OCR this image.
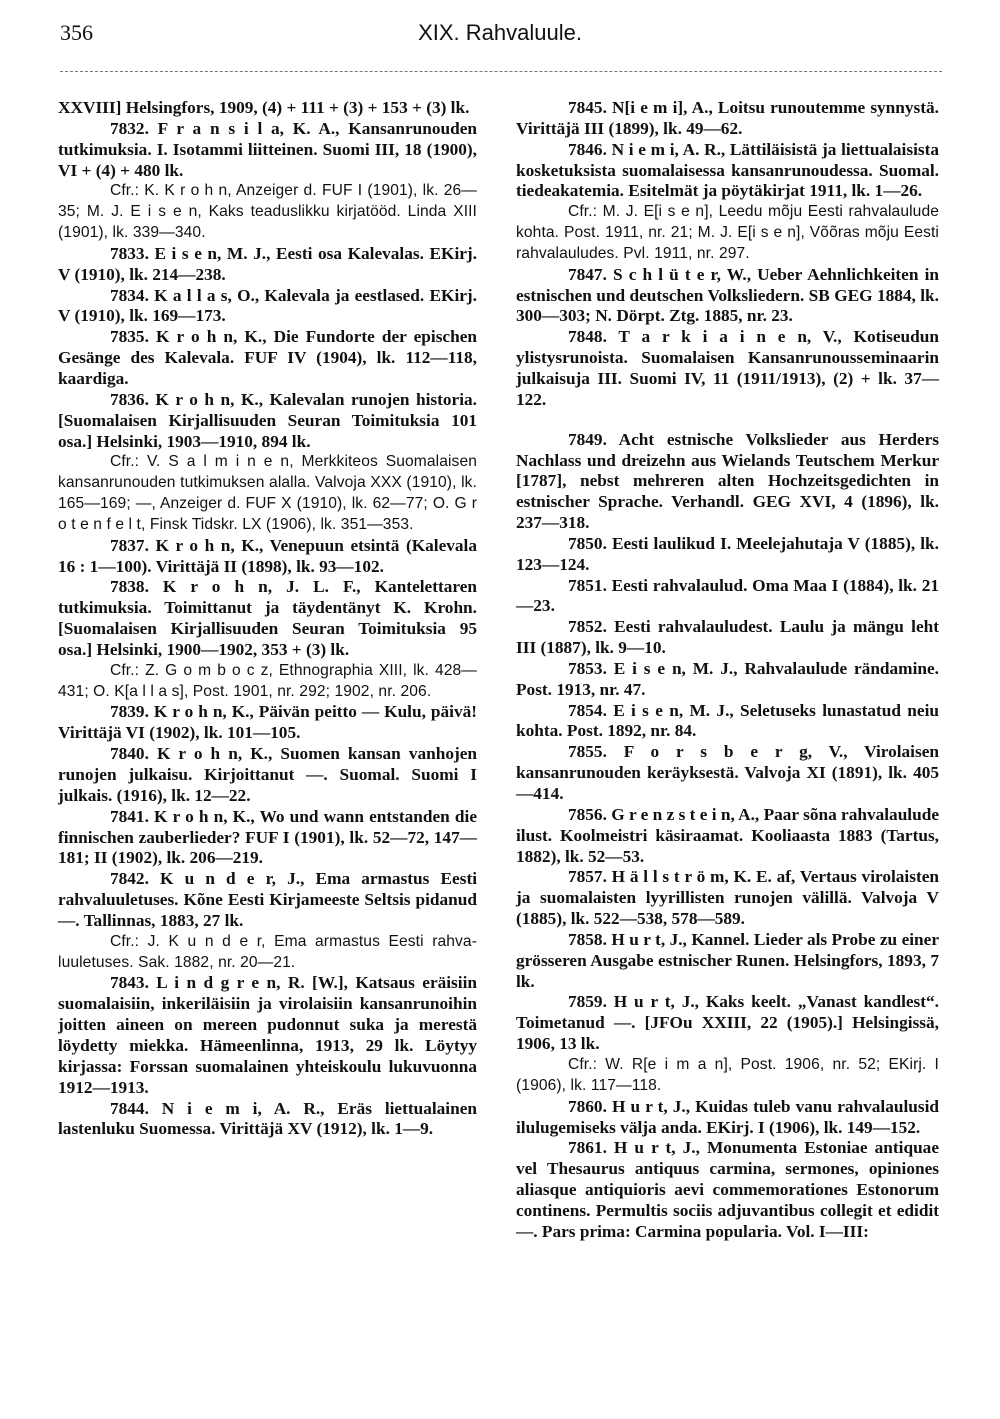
356	XIX. Rahvaluule.

XXVIII] Helsingfors, 1909, (4) + 111 + (3) + 153 + (3) lk.

7832. F r a n s i l a, K. A., Kansanrunouden tutkimuksia. I. Isotammi liitteinen. Suomi III, 18 (1900), VI + (4) + 480 lk.

Cfr.: K. K r o h n, Anzeiger d. FUF I (1901), lk. 26—35; M. J. E i s e n, Kaks teaduslikku kirjatööd. Linda XIII (1901), lk. 339—340.

7833. E i s e n, M. J., Eesti osa Kalevalas. EKirj. V (1910), lk. 214—238.

7834. K a l l a s, O., Kalevala ja eestlased. EKirj. V (1910), lk. 169—173.

7835. K r o h n, K., Die Fundorte der epischen Gesänge des Kalevala. FUF IV (1904), lk. 112—118, kaardiga.

7836. K r o h n, K., Kalevalan runojen historia. [Suomalaisen Kirjallisuuden Seuran Toimituksia 101 osa.] Helsinki, 1903—1910, 894 lk.

Cfr.: V. S a l m i n e n, Merkkiteos Suomalaisen kansanrunouden tutkimuksen alalla. Valvoja XXX (1910), lk. 165—169; —, Anzeiger d. FUF X (1910), lk. 62—77; O. G r o t e n f e l t, Finsk Tidskr. LX (1906), lk. 351—353.

7837. K r o h n, K., Venepuun etsintä (Kalevala 16 : 1—100). Virittäjä II (1898), lk. 93—102.

7838. K r o h n, J. L. F., Kantelettaren tutkimuksia. Toimittanut ja täydentänyt K. Krohn. [Suomalaisen Kirjallisuuden Seuran Toimituksia 95 osa.] Helsinki, 1900—1902, 353 + (3) lk.

Cfr.: Z. G o m b o c z, Ethnographia XIII, lk. 428—431; O. K[a l l a s], Post. 1901, nr. 292; 1902, nr. 206.

7839. K r o h n, K., Päivän peitto — Kulu, päivä! Virittäjä VI (1902), lk. 101—105.

7840. K r o h n, K., Suomen kansan vanhojen runojen julkaisu. Kirjoittanut —. Suomal. Suomi I julkais. (1916), lk. 12—22.

7841. K r o h n, K., Wo und wann entstanden die finnischen zauberlieder? FUF I (1901), lk. 52—72, 147—181; II (1902), lk. 206—219.

7842. K u n d e r, J., Ema armastus Eesti rahvaluuletuses. Kõne Eesti Kirjameeste Seltsis pidanud —. Tallinnas, 1883, 27 lk.

Cfr.: J. K u n d e r, Ema armastus Eesti rahva-luuletuses. Sak. 1882, nr. 20—21.

7843. L i n d g r e n, R. [W.], Katsaus eräisiin suomalaisiin, inkeriläisiin ja virolaisiin kansanrunoihin joitten aineen on mereen pudonnut suka ja merestä löydetty miekka. Hämeenlinna, 1913, 29 lk. Löytyy kirjassa: Forssan suomalainen yhteiskoulu lukuvuonna 1912—1913.

7844. N i e m i, A. R., Eräs liettualainen lastenluku Suomessa. Virittäjä XV (1912), lk. 1—9.

7845. N[i e m i], A., Loitsu runoutemme synnystä. Virittäjä III (1899), lk. 49—62.

7846. N i e m i, A. R., Lättiläisistä ja liettualaisista kosketuksista suomalaisessa kansanrunoudessa. Suomal. tiedeakatemia. Esitelmät ja pöytäkirjat 1911, lk. 1—26.

Cfr.: M. J. E[i s e n], Leedu mõju Eesti rahvalaulude kohta. Post. 1911, nr. 21; M. J. E[i s e n], Võõras mõju Eesti rahvalauludes. Pvl. 1911, nr. 297.

7847. S c h l ü t e r, W., Ueber Aehnlichkeiten in estnischen und deutschen Volksliedern. SB GEG 1884, lk. 300—303; N. Dörpt. Ztg. 1885, nr. 23.

7848. T a r k i a i n e n, V., Kotiseudun ylistysrunoista. Suomalaisen Kansanrunousseminaarin julkaisuja III. Suomi IV, 11 (1911/1913), (2) + lk. 37—122.

7849. Acht estnische Volkslieder aus Herders Nachlass und dreizehn aus Wielands Teutschem Merkur [1787], nebst mehreren alten Hochzeitsgedichten in estnischer Sprache. Verhandl. GEG XVI, 4 (1896), lk. 237—318.

7850. Eesti laulikud I. Meelejahutaja V (1885), lk. 123—124.

7851. Eesti rahvalaulud. Oma Maa I (1884), lk. 21—23.

7852. Eesti rahvalauludest. Laulu ja mängu leht III (1887), lk. 9—10.

7853. E i s e n, M. J., Rahvalaulude rändamine. Post. 1913, nr. 47.

7854. E i s e n, M. J., Seletuseks lunastatud neiu kohta. Post. 1892, nr. 84.

7855. F o r s b e r g, V., Virolaisen kansanrunouden keräyksestä. Valvoja XI (1891), lk. 405—414.

7856. G r e n z s t e i n, A., Paar sõna rahvalaulude ilust. Koolmeistri käsiraamat. Kooliaasta 1883 (Tartus, 1882), lk. 52—53.

7857. H ä l l s t r ö m, K. E. af, Vertaus virolaisten ja suomalaisten lyyrillisten runojen välillä. Valvoja V (1885), lk. 522—538, 578—589.

7858. H u r t, J., Kannel. Lieder als Probe zu einer grösseren Ausgabe estnischer Runen. Helsingfors, 1893, 7 lk.

7859. H u r t, J., Kaks keelt. „Vanast kandlest“. Toimetanud —. [JFOu XXIII, 22 (1905).] Helsingissä, 1906, 13 lk.

Cfr.: W. R[e i m a n], Post. 1906, nr. 52; EKirj. I (1906), lk. 117—118.

7860. H u r t, J., Kuidas tuleb vanu rahvalaulusid ilulugemiseks välja anda. EKirj. I (1906), lk. 149—152.

7861. H u r t, J., Monumenta Estoniae antiquae vel Thesaurus antiquus carmina, sermones, opiniones aliasque antiquioris aevi commemorationes Estonorum continens. Permultis sociis adjuvantibus collegit et edidit —. Pars prima: Carmina popularia. Vol. I—III:
